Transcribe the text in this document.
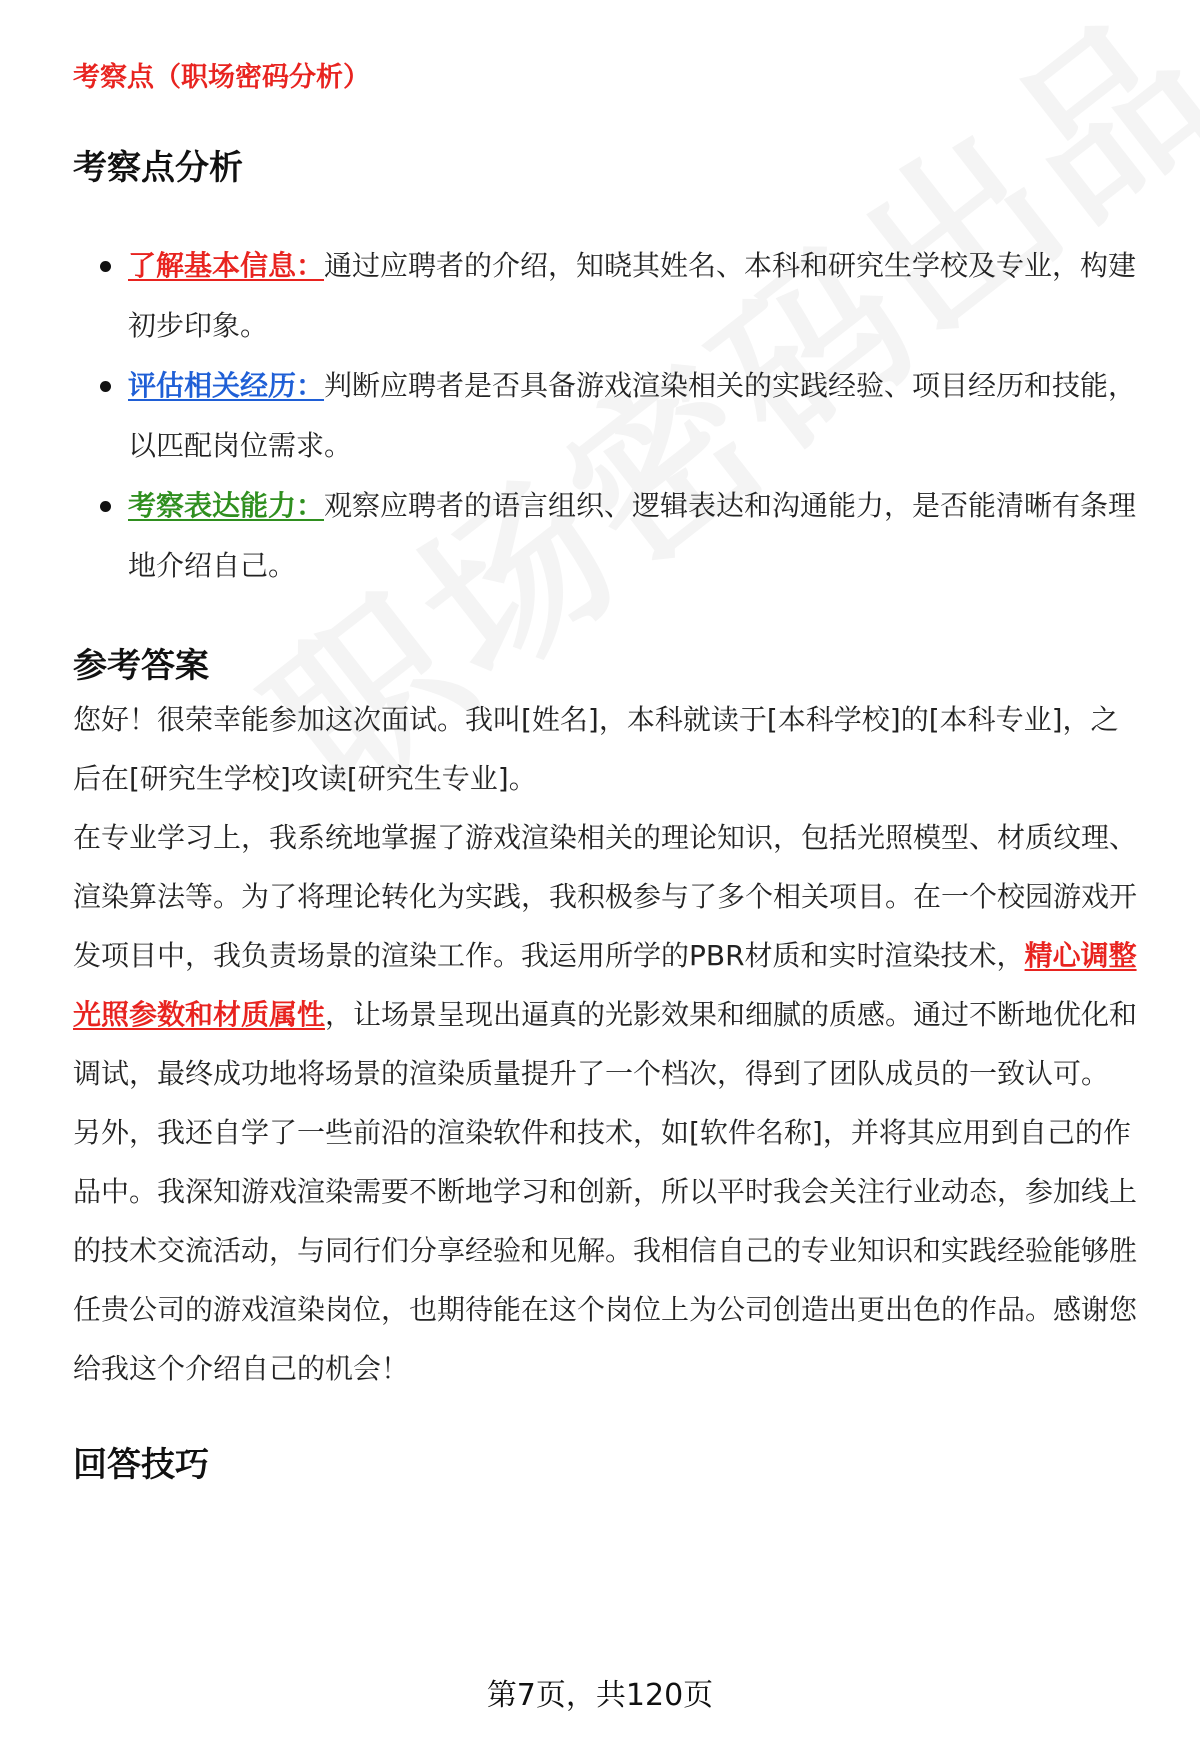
考察点（职场密码分析）
考察点分析
了解基本信息：通过应聘者的介绍，知晓其姓名、本科和研究生学校及专业，构建初步印象。
评估相关经历：判断应聘者是否具备游戏渲染相关的实践经验、项目经历和技能，以匹配岗位需求。
考察表达能力：观察应聘者的语言组织、逻辑表达和沟通能力，是否能清晰有条理地介绍自己。
参考答案

您好！很荣幸能参加这次面试。我叫[姓名]，本科就读于[本科学校]的[本科专业]，之后在[研究生学校]攻读[研究生专业]。

在专业学习上，我系统地掌握了游戏渲染相关的理论知识，包括光照模型、材质纹理、渲染算法等。为了将理论转化为实践，我积极参与了多个相关项目。在一个校园游戏开发项目中，我负责场景的渲染工作。我运用所学的PBR材质和实时渲染技术，精心调整光照参数和材质属性，让场景呈现出逼真的光影效果和细腻的质感。通过不断地优化和调试，最终成功地将场景的渲染质量提升了一个档次，得到了团队成员的一致认可。

另外，我还自学了一些前沿的渲染软件和技术，如[软件名称]，并将其应用到自己的作品中。我深知游戏渲染需要不断地学习和创新，所以平时我会关注行业动态，参加线上的技术交流活动，与同行们分享经验和见解。我相信自己的专业知识和实践经验能够胜任贵公司的游戏渲染岗位，也期待能在这个岗位上为公司创造出更出色的作品。感谢您给我这个介绍自己的机会！

回答技巧
第7页，共120页
